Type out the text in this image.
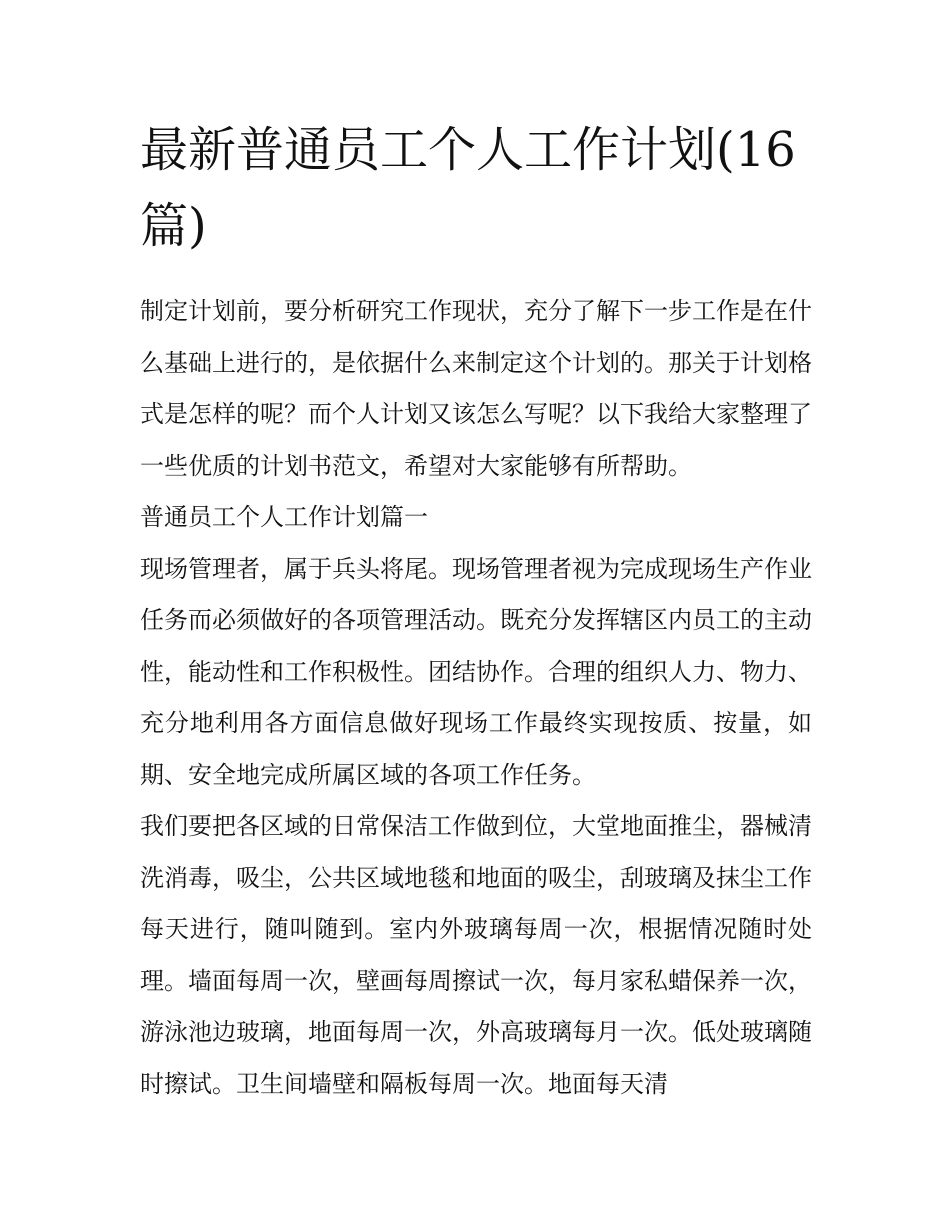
最新普通员工个人工作计划(16篇)

制定计划前，要分析研究工作现状，充分了解下一步工作是在什么基础上进行的，是依据什么来制定这个计划的。那关于计划格式是怎样的呢？而个人计划又该怎么写呢？以下我给大家整理了一些优质的计划书范文，希望对大家能够有所帮助。

普通员工个人工作计划篇一

现场管理者，属于兵头将尾。现场管理者视为完成现场生产作业任务而必须做好的各项管理活动。既充分发挥辖区内员工的主动性，能动性和工作积极性。团结协作。合理的组织人力、物力、充分地利用各方面信息做好现场工作最终实现按质、按量，如期、安全地完成所属区域的各项工作任务。

我们要把各区域的日常保洁工作做到位，大堂地面推尘，器械清洗消毒，吸尘，公共区域地毯和地面的吸尘，刮玻璃及抹尘工作每天进行，随叫随到。室内外玻璃每周一次，根据情况随时处理。墙面每周一次，壁画每周擦试一次，每月家私蜡保养一次，游泳池边玻璃，地面每周一次，外高玻璃每月一次。低处玻璃随时擦试。卫生间墙壁和隔板每周一次。地面每天清
